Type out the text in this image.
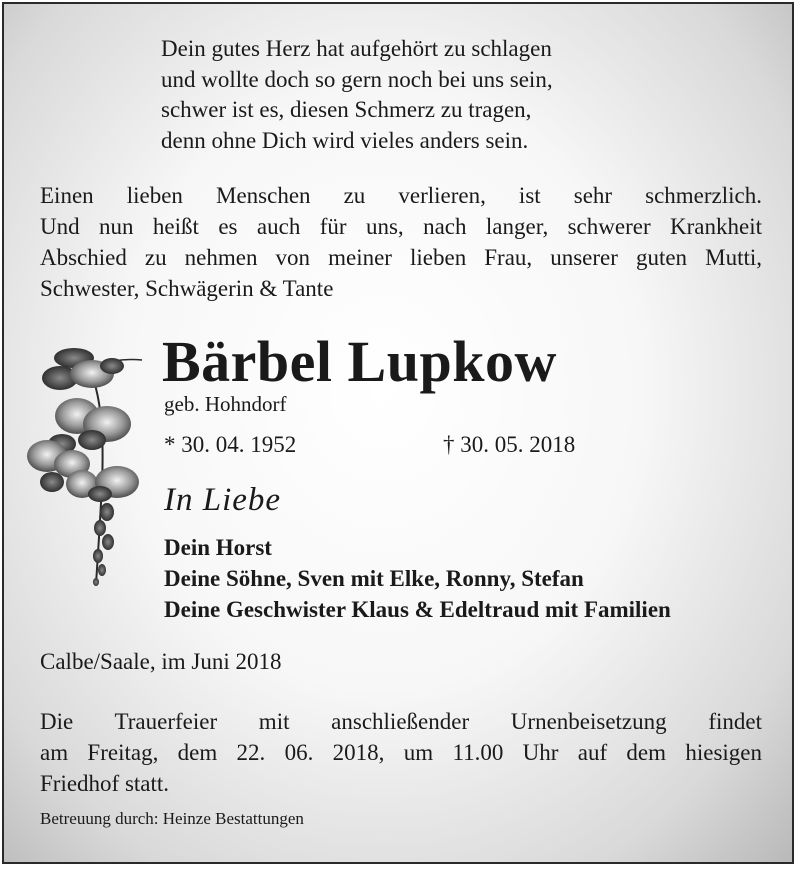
Dein gutes Herz hat aufgehört zu schlagen
und wollte doch so gern noch bei uns sein,
schwer ist es, diesen Schmerz zu tragen,
denn ohne Dich wird vieles anders sein.
Einen lieben Menschen zu verlieren, ist sehr schmerzlich.
Und nun heißt es auch für uns, nach langer, schwerer Krankheit
Abschied zu nehmen von meiner lieben Frau, unserer guten Mutti,
Schwester, Schwägerin & Tante
Bärbel Lupkow
geb. Hohndorf
* 30. 04. 1952	† 30. 05. 2018
In Liebe
Dein Horst
Deine Söhne, Sven mit Elke, Ronny, Stefan
Deine Geschwister Klaus & Edeltraud mit Familien
Calbe/Saale, im Juni 2018
Die Trauerfeier mit anschließender Urnenbeisetzung findet
am Freitag, dem 22. 06. 2018, um 11.00 Uhr auf dem hiesigen
Friedhof statt.
Betreuung durch: Heinze Bestattungen
